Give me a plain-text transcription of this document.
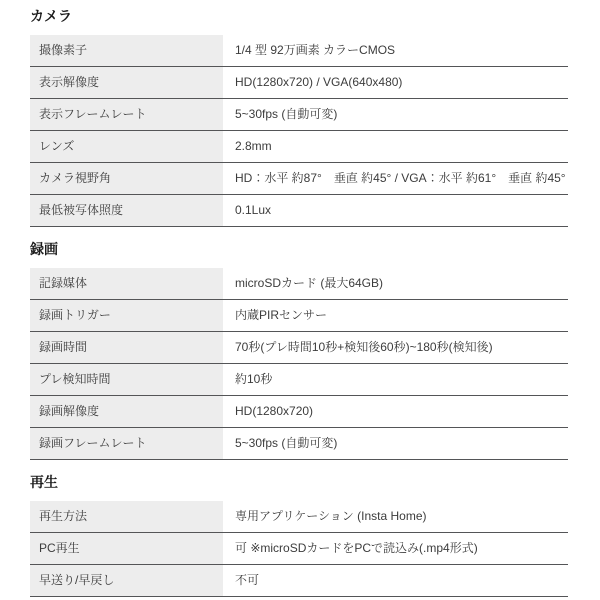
カメラ
撮像素子	1/4 型 92万画素 カラーCMOS
表示解像度	HD(1280x720) / VGA(640x480)
表示フレームレート	5~30fps (自動可変)
レンズ	2.8mm
カメラ視野角	HD：水平 約87°　垂直 約45° / VGA：水平 約61°　垂直 約45°
最低被写体照度	0.1Lux
録画
記録媒体	microSDカード (最大64GB)
録画トリガー	内蔵PIRセンサー
録画時間	70秒(プレ時間10秒+検知後60秒)~180秒(検知後)
プレ検知時間	約10秒
録画解像度	HD(1280x720)
録画フレームレート	5~30fps (自動可変)
再生
再生方法	専用アプリケーション (Insta Home)
PC再生	可 ※microSDカードをPCで読込み(.mp4形式)
早送り/早戻し	不可
